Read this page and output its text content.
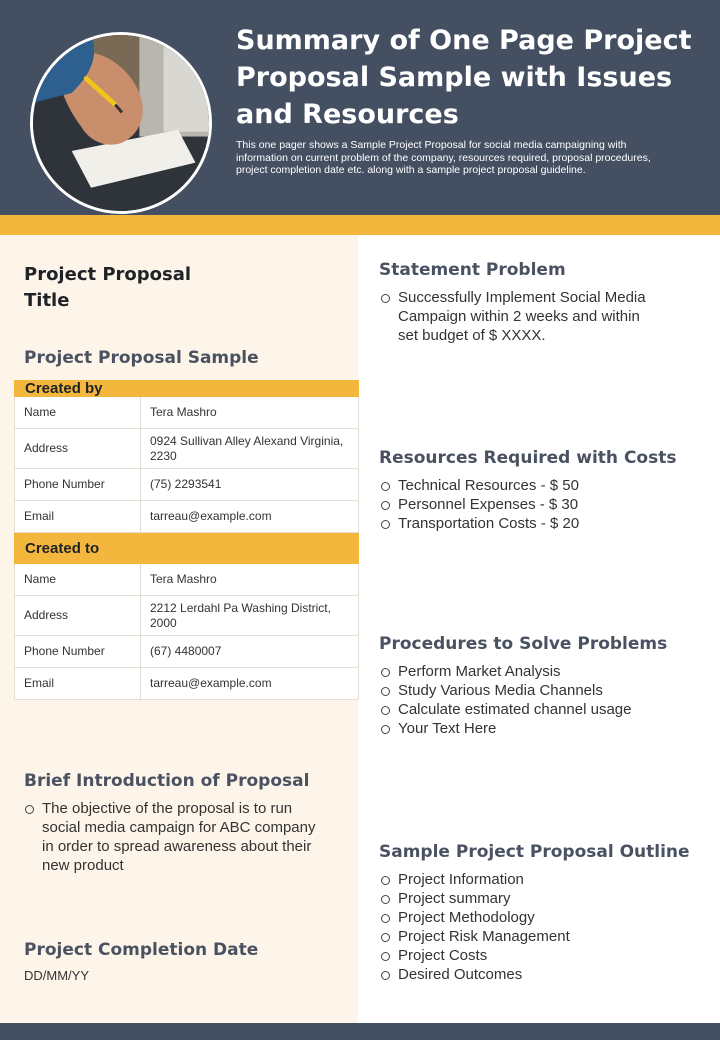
Summary of One Page Project Proposal Sample with Issues and Resources
This one pager shows a Sample Project Proposal for social media campaigning with information on current problem of the company, resources required, proposal procedures, project completion date etc. along with a sample project proposal guideline.
Project Proposal Title
Project Proposal Sample
Created by	
Name	Tera Mashro
Address	0924 Sullivan Alley Alexand Virginia, 2230
Phone Number	(75) 2293541
Email	tarreau@example.com
Created to	
Name	Tera Mashro
Address	2212 Lerdahl Pa Washing District, 2000
Phone Number	(67) 4480007
Email	tarreau@example.com
Brief Introduction of Proposal
The objective of the proposal is to run social media campaign for ABC company in order to spread awareness about their new product
Project Completion Date
DD/MM/YY
Statement Problem
Successfully Implement Social Media Campaign within 2 weeks and within set budget of $ XXXX.
Resources Required with Costs
Technical Resources - $ 50
Personnel Expenses - $ 30
Transportation Costs - $ 20
Procedures to Solve Problems
Perform Market Analysis
Study Various Media Channels
Calculate estimated channel usage
Your Text Here
Sample Project Proposal Outline
Project Information
Project summary
Project Methodology
Project Risk Management
Project Costs
Desired Outcomes
